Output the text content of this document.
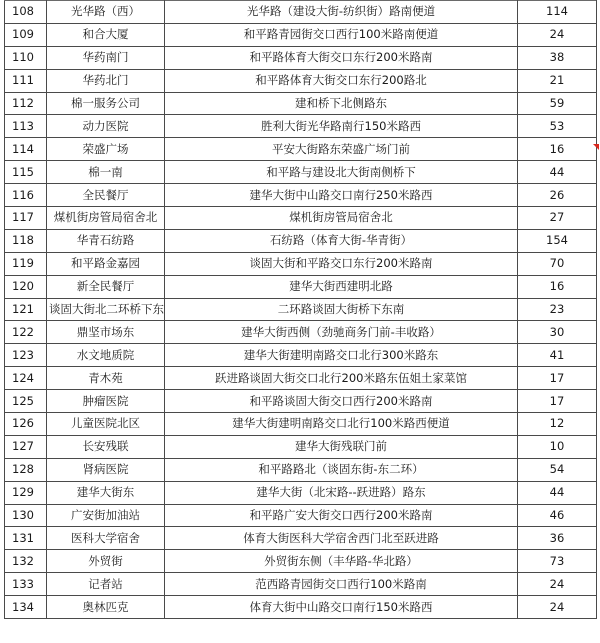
108	光华路（西）	光华路（建设大街-纺织街）路南便道	114
109	和合大厦	和平路青园街交口西行100米路南便道	24
110	华药南门	和平路体育大街交口东行200米路南	38
111	华药北门	和平路体育大街交口东行200路北	21
112	棉一服务公司	建和桥下北侧路东	59
113	动力医院	胜利大街光华路南行150米路西	53
114	荣盛广场	平安大街路东荣盛广场门前	16
115	棉一南	和平路与建设北大街南侧桥下	44
116	全民餐厅	建华大街中山路交口南行250米路西	26
117	煤机街房管局宿舍北	煤机街房管局宿舍北	27
118	华青石纺路	石纺路（体育大街-华青街）	154
119	和平路金嘉园	谈固大街和平路交口东行200米路南	70
120	新全民餐厅	建华大街西建明北路	16
121	谈固大街北二环桥下东	二环路谈固大街桥下东南	23
122	鼎坚市场东	建华大街西侧（劲驰商务门前-丰收路）	30
123	水文地质院	建华大街建明南路交口北行300米路东	41
124	青木苑	跃进路谈固大街交口北行200米路东伍姐土家菜馆	17
125	肿瘤医院	和平路谈固大街交口西行200米路南	17
126	儿童医院北区	建华大街建明南路交口北行100米路西便道	12
127	长安残联	建华大街残联门前	10
128	肾病医院	和平路路北（谈固东街-东二环）	54
129	建华大街东	建华大街（北宋路--跃进路）路东	44
130	广安街加油站	和平路广安大街交口西行200米路南	46
131	医科大学宿舍	体育大街医科大学宿舍西门北至跃进路	36
132	外贸街	外贸街东侧（丰华路-华北路）	73
133	记者站	范西路青园街交口西行100米路南	24
134	奥林匹克	体育大街中山路交口南行150米路西	24
